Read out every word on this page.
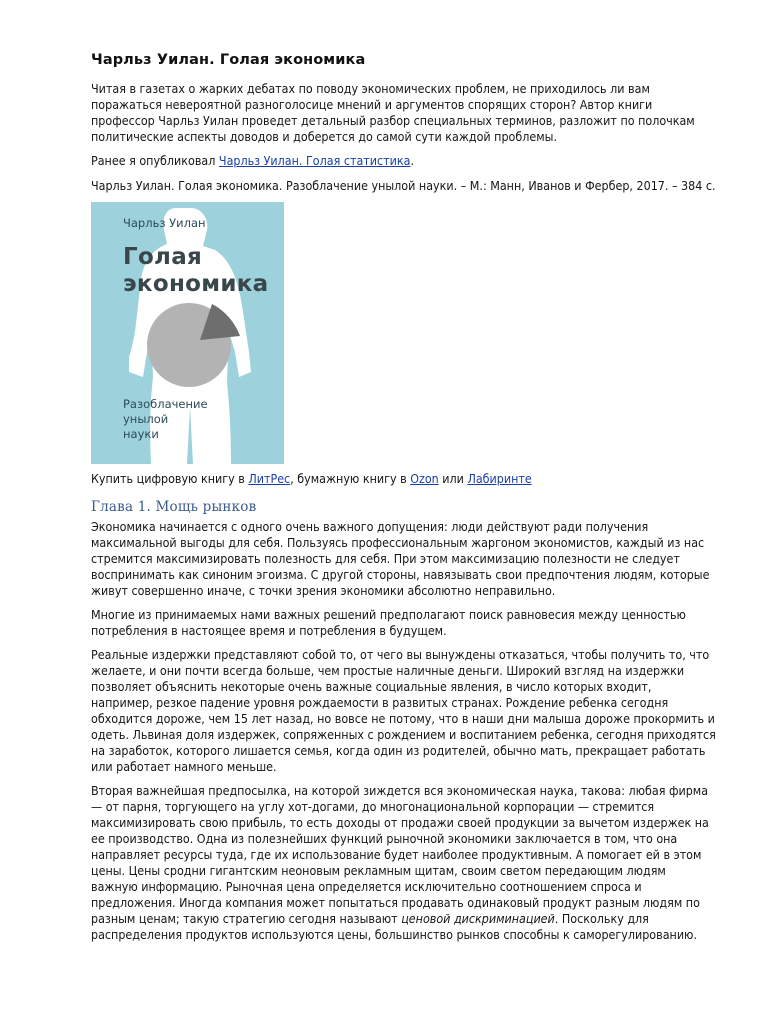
Чарльз Уилан. Голая экономика

Читая в газетах о жарких дебатах по поводу экономических проблем, не приходилось ли вам поражаться невероятной разноголосице мнений и аргументов спорящих сторон? Автор книги профессор Чарльз Уилан проведет детальный разбор специальных терминов, разложит по полочкам политические аспекты доводов и доберется до самой сути каждой проблемы.

Ранее я опубликовал Чарльз Уилан. Голая статистика.

Чарльз Уилан. Голая экономика. Разоблачение унылой науки. – М.: Манн, Иванов и Фербер, 2017. – 384 с.

Чарльз Уилан
Голая
экономика
Разоблачение
унылой
науки

Купить цифровую книгу в ЛитРес, бумажную книгу в Ozon или Лабиринте

Глава 1. Мощь рынков

Экономика начинается с одного очень важного допущения: люди действуют ради получения максимальной выгоды для себя. Пользуясь профессиональным жаргоном экономистов, каждый из нас стремится максимизировать полезность для себя. При этом максимизацию полезности не следует воспринимать как синоним эгоизма. С другой стороны, навязывать свои предпочтения людям, которые живут совершенно иначе, с точки зрения экономики абсолютно неправильно.

Многие из принимаемых нами важных решений предполагают поиск равновесия между ценностью потребления в настоящее время и потребления в будущем.

Реальные издержки представляют собой то, от чего вы вынуждены отказаться, чтобы получить то, что желаете, и они почти всегда больше, чем простые наличные деньги. Широкий взгляд на издержки позволяет объяснить некоторые очень важные социальные явления, в число которых входит, например, резкое падение уровня рождаемости в развитых странах. Рождение ребенка сегодня обходится дороже, чем 15 лет назад, но вовсе не потому, что в наши дни малыша дороже прокормить и одеть. Львиная доля издержек, сопряженных с рождением и воспитанием ребенка, сегодня приходятся на заработок, которого лишается семья, когда один из родителей, обычно мать, прекращает работать или работает намного меньше.

Вторая важнейшая предпосылка, на которой зиждется вся экономическая наука, такова: любая фирма — от парня, торгующего на углу хот-догами, до многонациональной корпорации — стремится максимизировать свою прибыль, то есть доходы от продажи своей продукции за вычетом издержек на ее производство. Одна из полезнейших функций рыночной экономики заключается в том, что она направляет ресурсы туда, где их использование будет наиболее продуктивным. А помогает ей в этом цены. Цены сродни гигантским неоновым рекламным щитам, своим светом передающим людям важную информацию. Рыночная цена определяется исключительно соотношением спроса и предложения. Иногда компания может попытаться продавать одинаковый продукт разным людям по разным ценам; такую стратегию сегодня называют ценовой дискриминацией. Поскольку для распределения продуктов используются цены, большинство рынков способны к саморегулированию.
